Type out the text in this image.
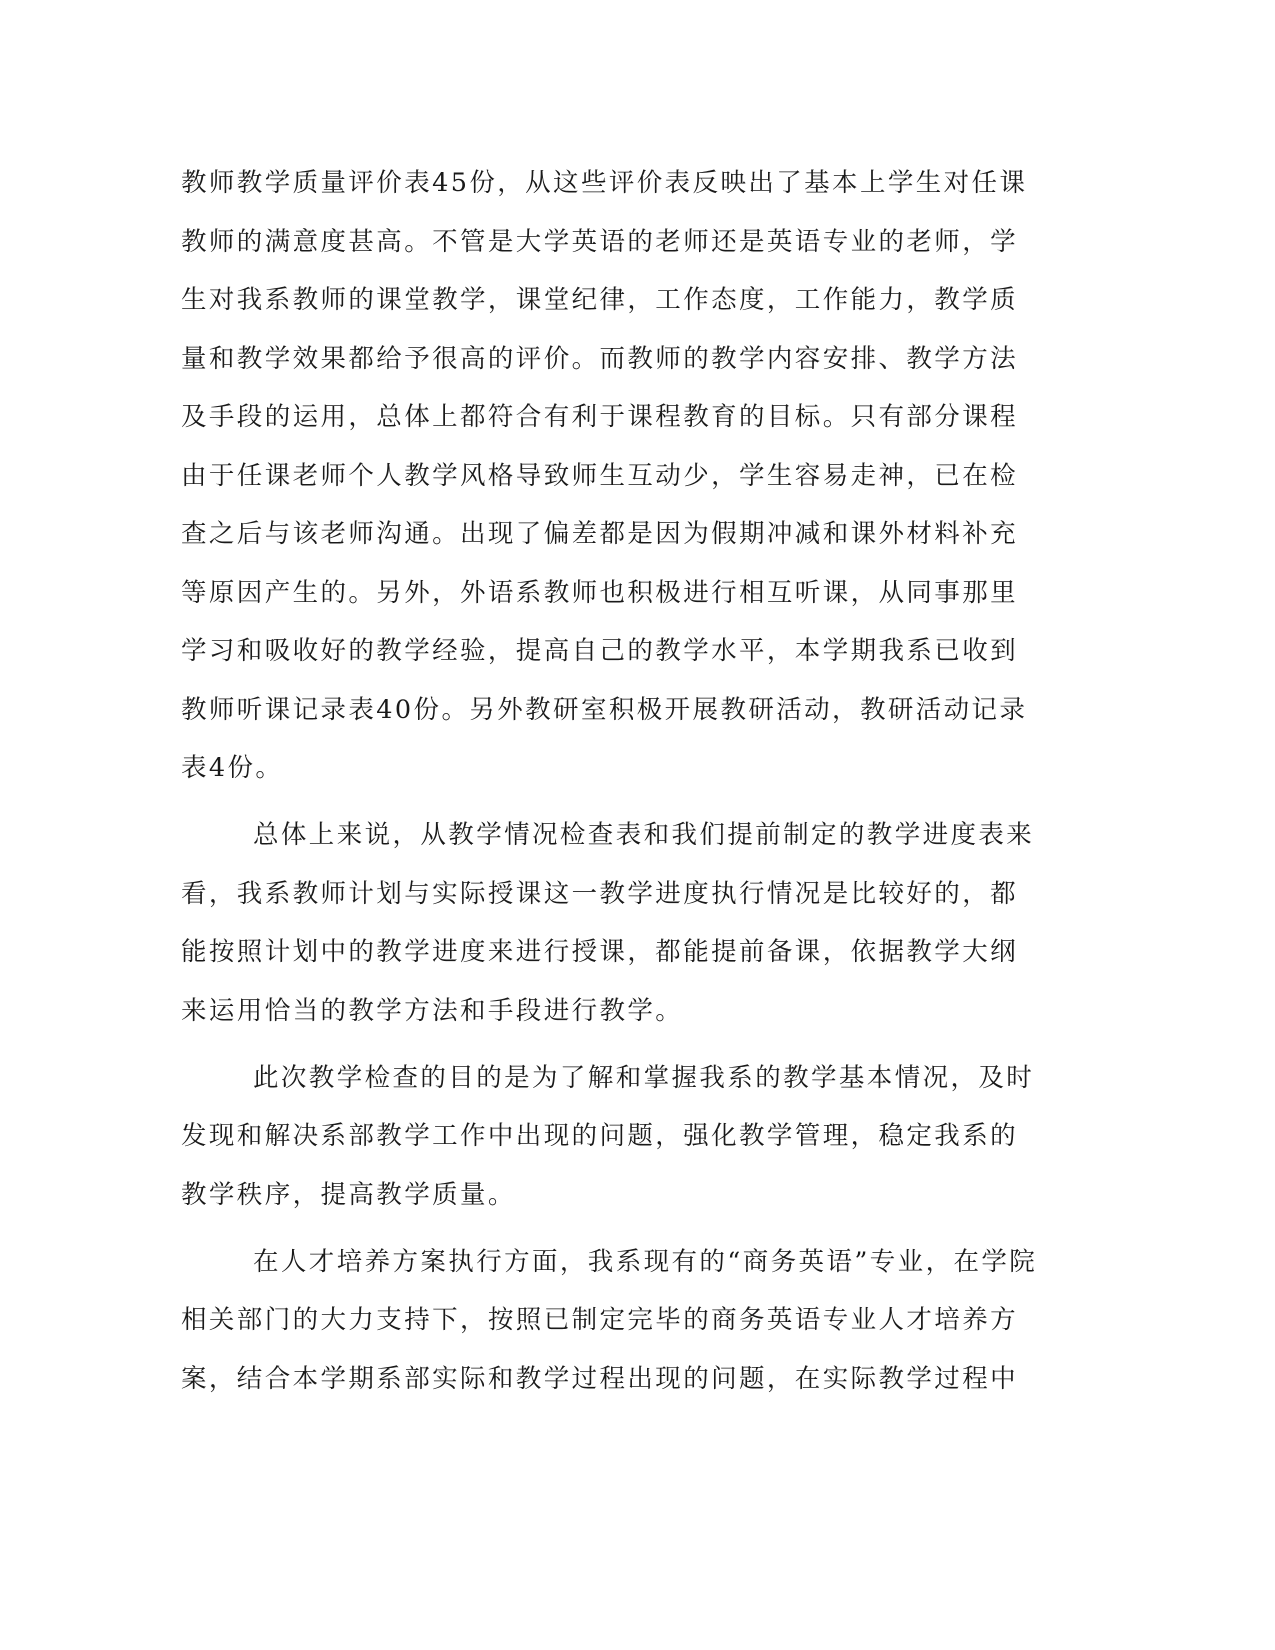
教师教学质量评价表45份，从这些评价表反映出了基本上学生对任课
教师的满意度甚高。不管是大学英语的老师还是英语专业的老师，学
生对我系教师的课堂教学，课堂纪律，工作态度，工作能力，教学质
量和教学效果都给予很高的评价。而教师的教学内容安排、教学方法
及手段的运用，总体上都符合有利于课程教育的目标。只有部分课程
由于任课老师个人教学风格导致师生互动少，学生容易走神，已在检
查之后与该老师沟通。出现了偏差都是因为假期冲减和课外材料补充
等原因产生的。另外，外语系教师也积极进行相互听课，从同事那里
学习和吸收好的教学经验，提高自己的教学水平，本学期我系已收到
教师听课记录表40份。另外教研室积极开展教研活动，教研活动记录
表4份。
总体上来说，从教学情况检查表和我们提前制定的教学进度表来
看，我系教师计划与实际授课这一教学进度执行情况是比较好的，都
能按照计划中的教学进度来进行授课，都能提前备课，依据教学大纲
来运用恰当的教学方法和手段进行教学。
此次教学检查的目的是为了解和掌握我系的教学基本情况，及时
发现和解决系部教学工作中出现的问题，强化教学管理，稳定我系的
教学秩序，提高教学质量。
在人才培养方案执行方面，我系现有的“商务英语”专业，在学院
相关部门的大力支持下，按照已制定完毕的商务英语专业人才培养方
案，结合本学期系部实际和教学过程出现的问题，在实际教学过程中
